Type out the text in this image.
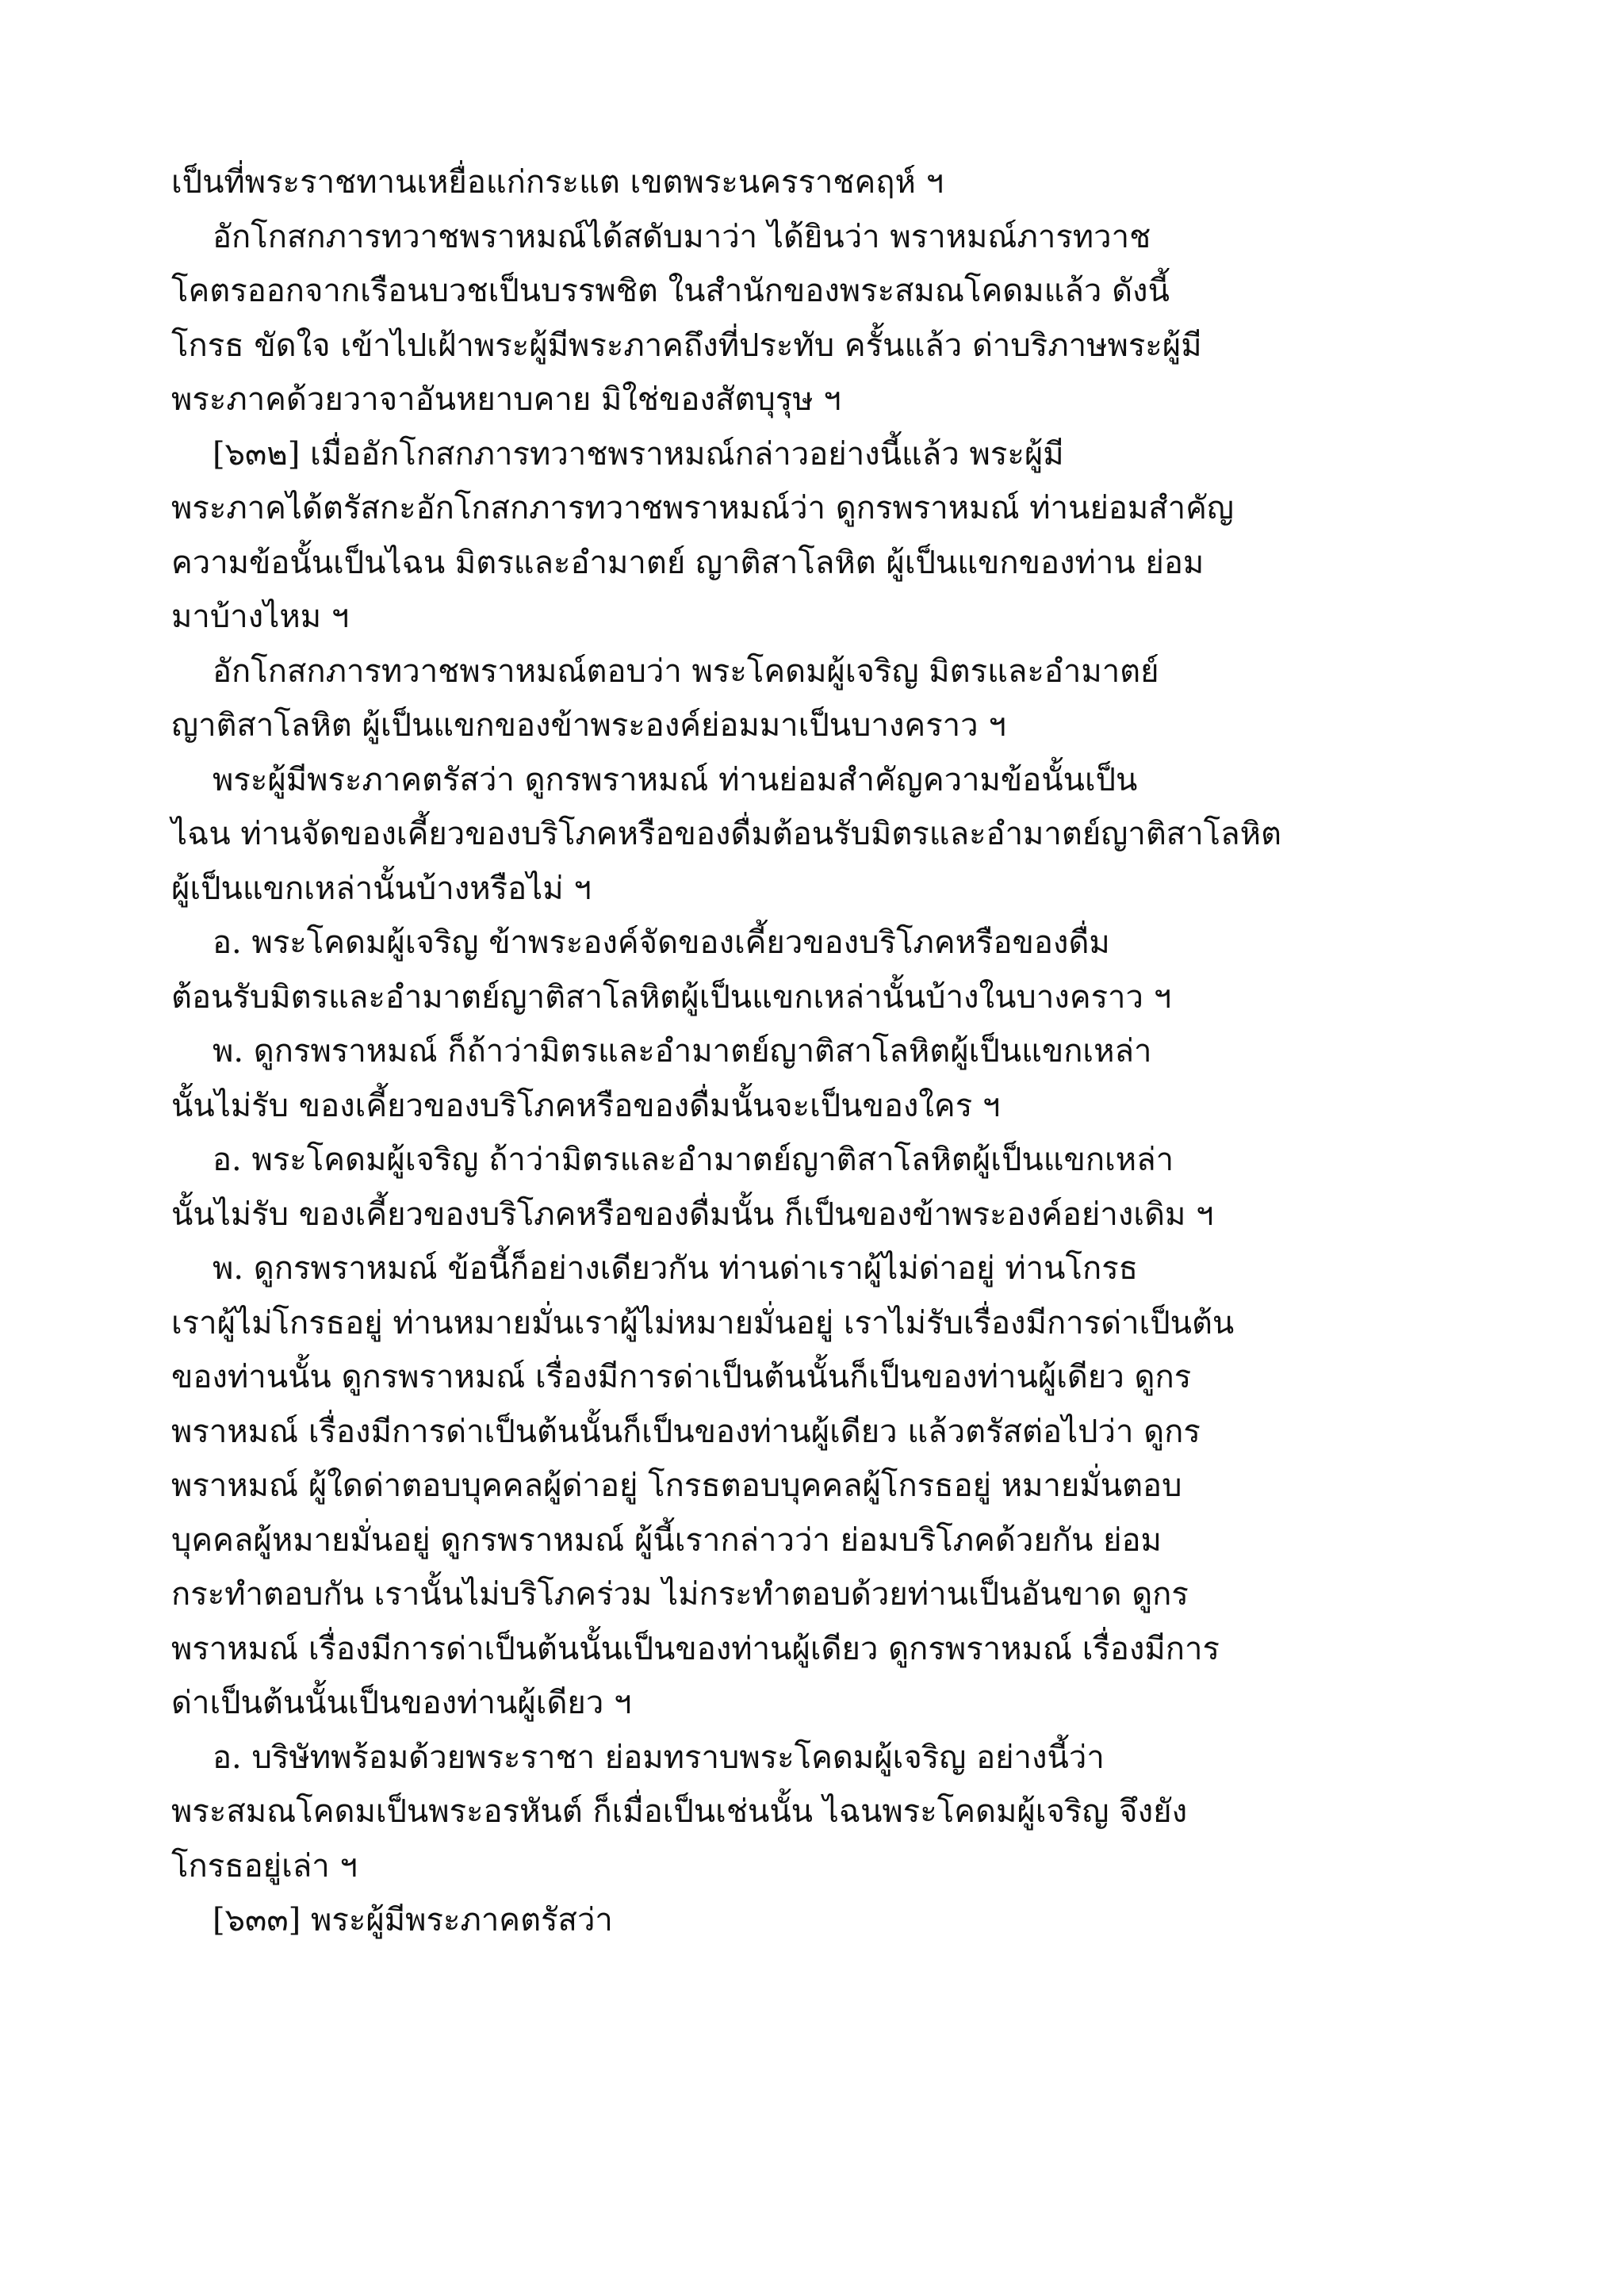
เป็นที่พระราชทานเหยื่อแก่กระแต เขตพระนครราชคฤห์ ฯ
อักโกสกภารทวาชพราหมณ์ได้สดับมาว่า ได้ยินว่า พราหมณ์ภารทวาช
โคตรออกจากเรือนบวชเป็นบรรพชิต ในสำนักของพระสมณโคดมแล้ว ดังนี้
โกรธ ขัดใจ เข้าไปเฝ้าพระผู้มีพระภาคถึงที่ประทับ ครั้นแล้ว ด่าบริภาษพระผู้มี
พระภาคด้วยวาจาอันหยาบคาย มิใช่ของสัตบุรุษ ฯ
[๖๓๒] เมื่ออักโกสกภารทวาชพราหมณ์กล่าวอย่างนี้แล้ว พระผู้มี
พระภาคได้ตรัสกะอักโกสกภารทวาชพราหมณ์ว่า ดูกรพราหมณ์ ท่านย่อมสำคัญ
ความข้อนั้นเป็นไฉน มิตรและอำมาตย์ ญาติสาโลหิต ผู้เป็นแขกของท่าน ย่อม
มาบ้างไหม ฯ
อักโกสกภารทวาชพราหมณ์ตอบว่า พระโคดมผู้เจริญ มิตรและอำมาตย์
ญาติสาโลหิต ผู้เป็นแขกของข้าพระองค์ย่อมมาเป็นบางคราว ฯ
พระผู้มีพระภาคตรัสว่า ดูกรพราหมณ์ ท่านย่อมสำคัญความข้อนั้นเป็น
ไฉน ท่านจัดของเคี้ยวของบริโภคหรือของดื่มต้อนรับมิตรและอำมาตย์ญาติสาโลหิต
ผู้เป็นแขกเหล่านั้นบ้างหรือไม่ ฯ
อ. พระโคดมผู้เจริญ ข้าพระองค์จัดของเคี้ยวของบริโภคหรือของดื่ม
ต้อนรับมิตรและอำมาตย์ญาติสาโลหิตผู้เป็นแขกเหล่านั้นบ้างในบางคราว ฯ
พ. ดูกรพราหมณ์ ก็ถ้าว่ามิตรและอำมาตย์ญาติสาโลหิตผู้เป็นแขกเหล่า
นั้นไม่รับ ของเคี้ยวของบริโภคหรือของดื่มนั้นจะเป็นของใคร ฯ
อ. พระโคดมผู้เจริญ ถ้าว่ามิตรและอำมาตย์ญาติสาโลหิตผู้เป็นแขกเหล่า
นั้นไม่รับ ของเคี้ยวของบริโภคหรือของดื่มนั้น ก็เป็นของข้าพระองค์อย่างเดิม ฯ
พ. ดูกรพราหมณ์ ข้อนี้ก็อย่างเดียวกัน ท่านด่าเราผู้ไม่ด่าอยู่ ท่านโกรธ
เราผู้ไม่โกรธอยู่ ท่านหมายมั่นเราผู้ไม่หมายมั่นอยู่ เราไม่รับเรื่องมีการด่าเป็นต้น
ของท่านนั้น ดูกรพราหมณ์ เรื่องมีการด่าเป็นต้นนั้นก็เป็นของท่านผู้เดียว ดูกร
พราหมณ์ เรื่องมีการด่าเป็นต้นนั้นก็เป็นของท่านผู้เดียว แล้วตรัสต่อไปว่า ดูกร
พราหมณ์ ผู้ใดด่าตอบบุคคลผู้ด่าอยู่ โกรธตอบบุคคลผู้โกรธอยู่ หมายมั่นตอบ
บุคคลผู้หมายมั่นอยู่ ดูกรพราหมณ์ ผู้นี้เรากล่าวว่า ย่อมบริโภคด้วยกัน ย่อม
กระทำตอบกัน เรานั้นไม่บริโภคร่วม ไม่กระทำตอบด้วยท่านเป็นอันขาด ดูกร
พราหมณ์ เรื่องมีการด่าเป็นต้นนั้นเป็นของท่านผู้เดียว ดูกรพราหมณ์ เรื่องมีการ
ด่าเป็นต้นนั้นเป็นของท่านผู้เดียว ฯ
อ. บริษัทพร้อมด้วยพระราชา ย่อมทราบพระโคดมผู้เจริญ อย่างนี้ว่า
พระสมณโคดมเป็นพระอรหันต์ ก็เมื่อเป็นเช่นนั้น ไฉนพระโคดมผู้เจริญ จึงยัง
โกรธอยู่เล่า ฯ
[๖๓๓] พระผู้มีพระภาคตรัสว่า
